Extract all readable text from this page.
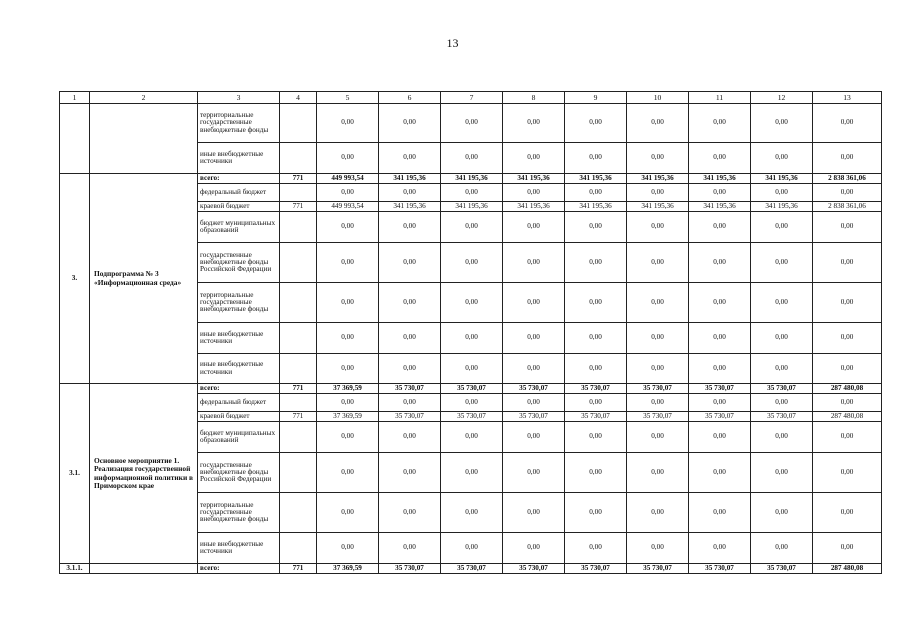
13
1	2	3	4	5	6	7	8	9	10	11	12	13
		территориальные государственные внебюджетные фонды		0,00	0,00	0,00	0,00	0,00	0,00	0,00	0,00	0,00
		иные внебюджетные источники		0,00	0,00	0,00	0,00	0,00	0,00	0,00	0,00	0,00
3.	Подпрограмма № 3 «Информационная среда»	всего:	771	449 993,54	341 195,36	341 195,36	341 195,36	341 195,36	341 195,36	341 195,36	341 195,36	2 838 361,06
		федеральный бюджет		0,00	0,00	0,00	0,00	0,00	0,00	0,00	0,00	0,00
		краевой бюджет	771	449 993,54	341 195,36	341 195,36	341 195,36	341 195,36	341 195,36	341 195,36	341 195,36	2 838 361,06
		бюджет муниципальных образований		0,00	0,00	0,00	0,00	0,00	0,00	0,00	0,00	0,00
		государственные внебюджетные фонды Российской Федерации		0,00	0,00	0,00	0,00	0,00	0,00	0,00	0,00	0,00
		территориальные государственные внебюджетные фонды		0,00	0,00	0,00	0,00	0,00	0,00	0,00	0,00	0,00
		иные внебюджетные источники		0,00	0,00	0,00	0,00	0,00	0,00	0,00	0,00	0,00
		иные внебюджетные источники		0,00	0,00	0,00	0,00	0,00	0,00	0,00	0,00	0,00
3.1.	Основное мероприятие 1. Реализация государственной информационной политики в Приморском крае	всего:	771	37 369,59	35 730,07	35 730,07	35 730,07	35 730,07	35 730,07	35 730,07	35 730,07	287 480,08
		федеральный бюджет		0,00	0,00	0,00	0,00	0,00	0,00	0,00	0,00	0,00
		краевой бюджет	771	37 369,59	35 730,07	35 730,07	35 730,07	35 730,07	35 730,07	35 730,07	35 730,07	287 480,08
		бюджет муниципальных образований		0,00	0,00	0,00	0,00	0,00	0,00	0,00	0,00	0,00
		государственные внебюджетные фонды Российской Федерации		0,00	0,00	0,00	0,00	0,00	0,00	0,00	0,00	0,00
		территориальные государственные внебюджетные фонды		0,00	0,00	0,00	0,00	0,00	0,00	0,00	0,00	0,00
		иные внебюджетные источники		0,00	0,00	0,00	0,00	0,00	0,00	0,00	0,00	0,00
3.1.1.		всего:	771	37 369,59	35 730,07	35 730,07	35 730,07	35 730,07	35 730,07	35 730,07	35 730,07	287 480,08
